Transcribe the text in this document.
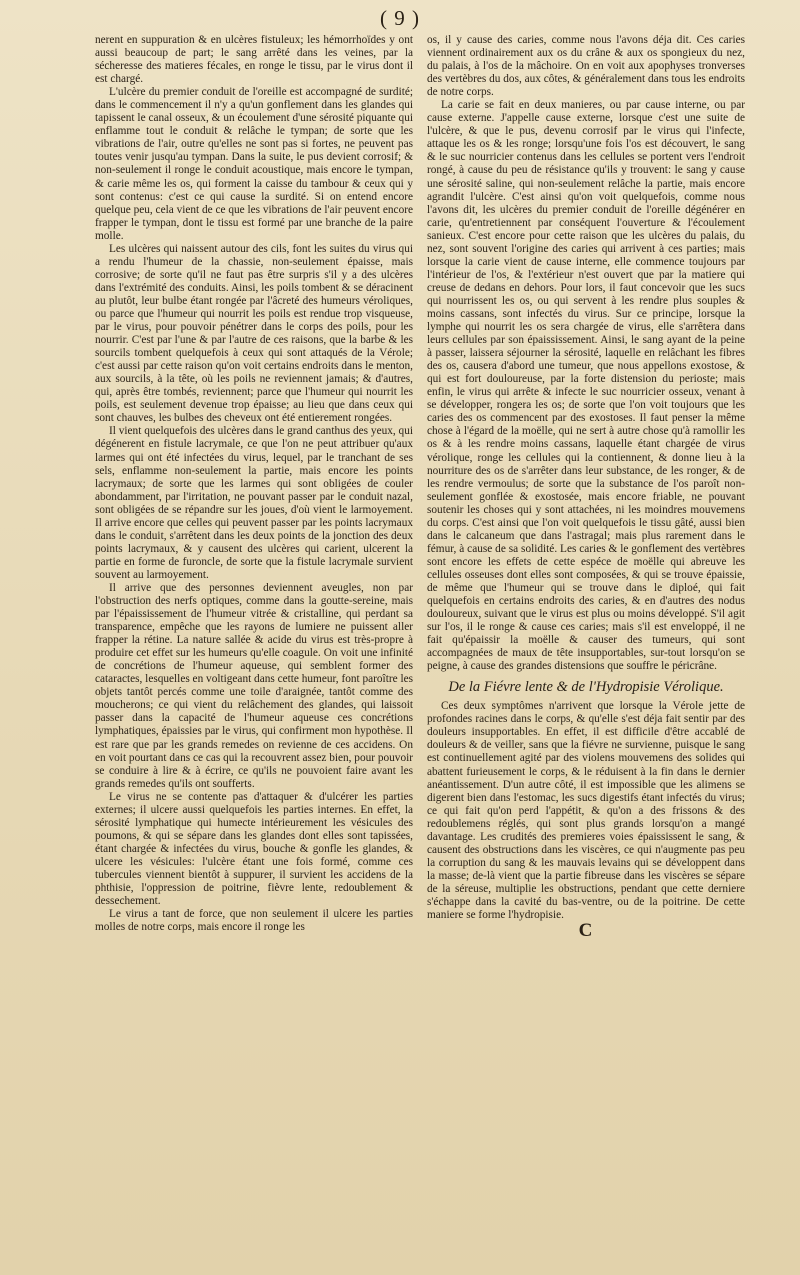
( 9 )

nerent en suppuration & en ulcères fistuleux; les hémorrhoïdes y ont aussi beaucoup de part; le sang arrêté dans les veines, par la sécheresse des matieres fécales, en ronge le tissu, par le virus dont il est chargé.

L'ulcère du premier conduit de l'oreille est accompagné de surdité; dans le commencement il n'y a qu'un gonflement dans les glandes qui tapissent le canal osseux, & un écoulement d'une sérosité piquante qui enflamme tout le conduit & relâche le tympan; de sorte que les vibrations de l'air, outre qu'elles ne sont pas si fortes, ne peuvent pas toutes venir jusqu'au tympan. Dans la suite, le pus devient corrosif; & non-seulement il ronge le conduit acoustique, mais encore le tympan, & carie même les os, qui forment la caisse du tambour & ceux qui y sont contenus: c'est ce qui cause la surdité. Si on entend encore quelque peu, cela vient de ce que les vibrations de l'air peuvent encore frapper le tympan, dont le tissu est formé par une branche de la paire molle.

Les ulcères qui naissent autour des cils, font les suites du virus qui a rendu l'humeur de la chassie, non-seulement épaisse, mais corrosive; de sorte qu'il ne faut pas être surpris s'il y a des ulcères dans l'extrémité des conduits. Ainsi, les poils tombent & se déracinent au plutôt, leur bulbe étant rongée par l'âcreté des humeurs véroliques, ou parce que l'humeur qui nourrit les poils est rendue trop visqueuse, par le virus, pour pouvoir pénétrer dans le corps des poils, pour les nourrir. C'est par l'une & par l'autre de ces raisons, que la barbe & les sourcils tombent quelquefois à ceux qui sont attaqués de la Vérole; c'est aussi par cette raison qu'on voit certains endroits dans le menton, aux sourcils, à la tête, où les poils ne reviennent jamais; & d'autres, qui, après être tombés, reviennent; parce que l'humeur qui nourrit les poils, est seulement devenue trop épaisse; au lieu que dans ceux qui sont chauves, les bulbes des cheveux ont été entierement rongées.

Il vient quelquefois des ulcères dans le grand canthus des yeux, qui dégénerent en fistule lacrymale, ce que l'on ne peut attribuer qu'aux larmes qui ont été infectées du virus, lequel, par le tranchant de ses sels, enflamme non-seulement la partie, mais encore les points lacrymaux; de sorte que les larmes qui sont obligées de couler abondamment, par l'irritation, ne pouvant passer par le conduit nazal, sont obligées de se répandre sur les joues, d'où vient le larmoyement. Il arrive encore que celles qui peuvent passer par les points lacrymaux dans le conduit, s'arrêtent dans les deux points de la jonction des deux points lacrymaux, & y causent des ulcères qui carient, ulcerent la partie en forme de furoncle, de sorte que la fistule lacrymale survient souvent au larmoyement.

Il arrive que des personnes deviennent aveugles, non par l'obstruction des nerfs optiques, comme dans la goutte-sereine, mais par l'épaississement de l'humeur vitrée & cristalline, qui perdant sa transparence, empêche que les rayons de lumiere ne puissent aller frapper la rétine. La nature sallée & acide du virus est très-propre à produire cet effet sur les humeurs qu'elle coagule. On voit une infinité de concrétions de l'humeur aqueuse, qui semblent former des cataractes, lesquelles en voltigeant dans cette humeur, font paroître les objets tantôt percés comme une toile d'araignée, tantôt comme des moucherons; ce qui vient du relâchement des glandes, qui laissoit passer dans la capacité de l'humeur aqueuse ces concrétions lymphatiques, épaissies par le virus, qui confirment mon hypothèse. Il est rare que par les grands remedes on revienne de ces accidens. On en voit pourtant dans ce cas qui la recouvrent assez bien, pour pouvoir se conduire à lire & à écrire, ce qu'ils ne pouvoient faire avant les grands remedes qu'ils ont soufferts.

Le virus ne se contente pas d'attaquer & d'ulcérer les parties externes; il ulcere aussi quelquefois les parties internes. En effet, la sérosité lymphatique qui humecte intérieurement les vésicules des poumons, & qui se sépare dans les glandes dont elles sont tapissées, étant chargée & infectées du virus, bouche & gonfle les glandes, & ulcere les vésicules: l'ulcère étant une fois formé, comme ces tubercules viennent bientôt à suppurer, il survient les accidens de la phthisie, l'oppression de poitrine, fièvre lente, redoublement & dessechement.

Le virus a tant de force, que non seulement il ulcere les parties molles de notre corps, mais encore il ronge les

os, il y cause des caries, comme nous l'avons déja dit. Ces caries viennent ordinairement aux os du crâne & aux os spongieux du nez, du palais, à l'os de la mâchoire. On en voit aux apophyses tronverses des vertèbres du dos, aux côtes, & généralement dans tous les endroits de notre corps.

La carie se fait en deux manieres, ou par cause interne, ou par cause externe. J'appelle cause externe, lorsque c'est une suite de l'ulcère, & que le pus, devenu corrosif par le virus qui l'infecte, attaque les os & les ronge; lorsqu'une fois l'os est découvert, le sang & le suc nourricier contenus dans les cellules se portent vers l'endroit rongé, à cause du peu de résistance qu'ils y trouvent: le sang y cause une sérosité saline, qui non-seulement relâche la partie, mais encore agrandit l'ulcère. C'est ainsi qu'on voit quelquefois, comme nous l'avons dit, les ulcères du premier conduit de l'oreille dégénérer en carie, qu'entretiennent par conséquent l'ouverture & l'écoulement sanieux. C'est encore pour cette raison que les ulcères du palais, du nez, sont souvent l'origine des caries qui arrivent à ces parties; mais lorsque la carie vient de cause interne, elle commence toujours par l'intérieur de l'os, & l'extérieur n'est ouvert que par la matiere qui creuse de dedans en dehors. Pour lors, il faut concevoir que les sucs qui nourrissent les os, ou qui servent à les rendre plus souples & moins cassans, sont infectés du virus. Sur ce principe, lorsque la lymphe qui nourrit les os sera chargée de virus, elle s'arrêtera dans leurs cellules par son épaississement. Ainsi, le sang ayant de la peine à passer, laissera séjourner la sérosité, laquelle en relâchant les fibres des os, causera d'abord une tumeur, que nous appellons exostose, & qui est fort douloureuse, par la forte distension du periostе; mais enfin, le virus qui arrête & infecte le suc nourricier osseux, venant à se développer, rongera les os; de sorte que l'on voit toujours que les caries des os commencent par des exostoses. Il faut penser la même chose à l'égard de la moëlle, qui ne sert à autre chose qu'à ramollir les os & à les rendre moins cassans, laquelle étant chargée de virus vérolique, ronge les cellules qui la contiennent, & donne lieu à la nourriture des os de s'arrêter dans leur substance, de les ronger, & de les rendre vermoulus; de sorte que la substance de l'os paroît non-seulement gonflée & exostosée, mais encore friable, ne pouvant soutenir les choses qui y sont attachées, ni les moindres mouvemens du corps. C'est ainsi que l'on voit quelquefois le tissu gâté, aussi bien dans le calcaneum que dans l'astragal; mais plus rarement dans le fémur, à cause de sa solidité. Les caries & le gonflement des vertèbres sont encore les effets de cette espéce de moëlle qui abreuve les cellules osseuses dont elles sont composées, & qui se trouve épaissie, de même que l'humeur qui se trouve dans le diploé, qui fait quelquefois en certains endroits des caries, & en d'autres des nodus douloureux, suivant que le virus est plus ou moins développé. S'il agit sur l'os, il le ronge & cause ces caries; mais s'il est enveloppé, il ne fait qu'épaissir la moëlle & causer des tumeurs, qui sont accompagnées de maux de tête insupportables, sur-tout lorsqu'on se peigne, à cause des grandes distensions que souffre le péricrâne.

De la Fiévre lente & de l'Hydropisie Vérolique.

Ces deux symptômes n'arrivent que lorsque la Vérole jette de profondes racines dans le corps, & qu'elle s'est déja fait sentir par des douleurs insupportables. En effet, il est difficile d'être accablé de douleurs & de veiller, sans que la fiévre ne survienne, puisque le sang est continuellement agité par des violens mouvemens des solides qui abattent furieusement le corps, & le réduisent à la fin dans le dernier anéantissement. D'un autre côté, il est impossible que les alimens se digerent bien dans l'estomac, les sucs digestifs étant infectés du virus; ce qui fait qu'on perd l'appétit, & qu'on a des frissons & des redoublemens réglés, qui sont plus grands lorsqu'on a mangé davantage. Les crudités des premieres voies épaississent le sang, & causent des obstructions dans les viscères, ce qui n'augmente pas peu la corruption du sang & les mauvais levains qui se développent dans la masse; de-là vient que la partie fibreuse dans les viscères se sépare de la séreuse, multiplie les obstructions, pendant que cette derniere s'échappe dans la cavité du bas-ventre, ou de la poitrine. De cette maniere se forme l'hydropisie.

C
